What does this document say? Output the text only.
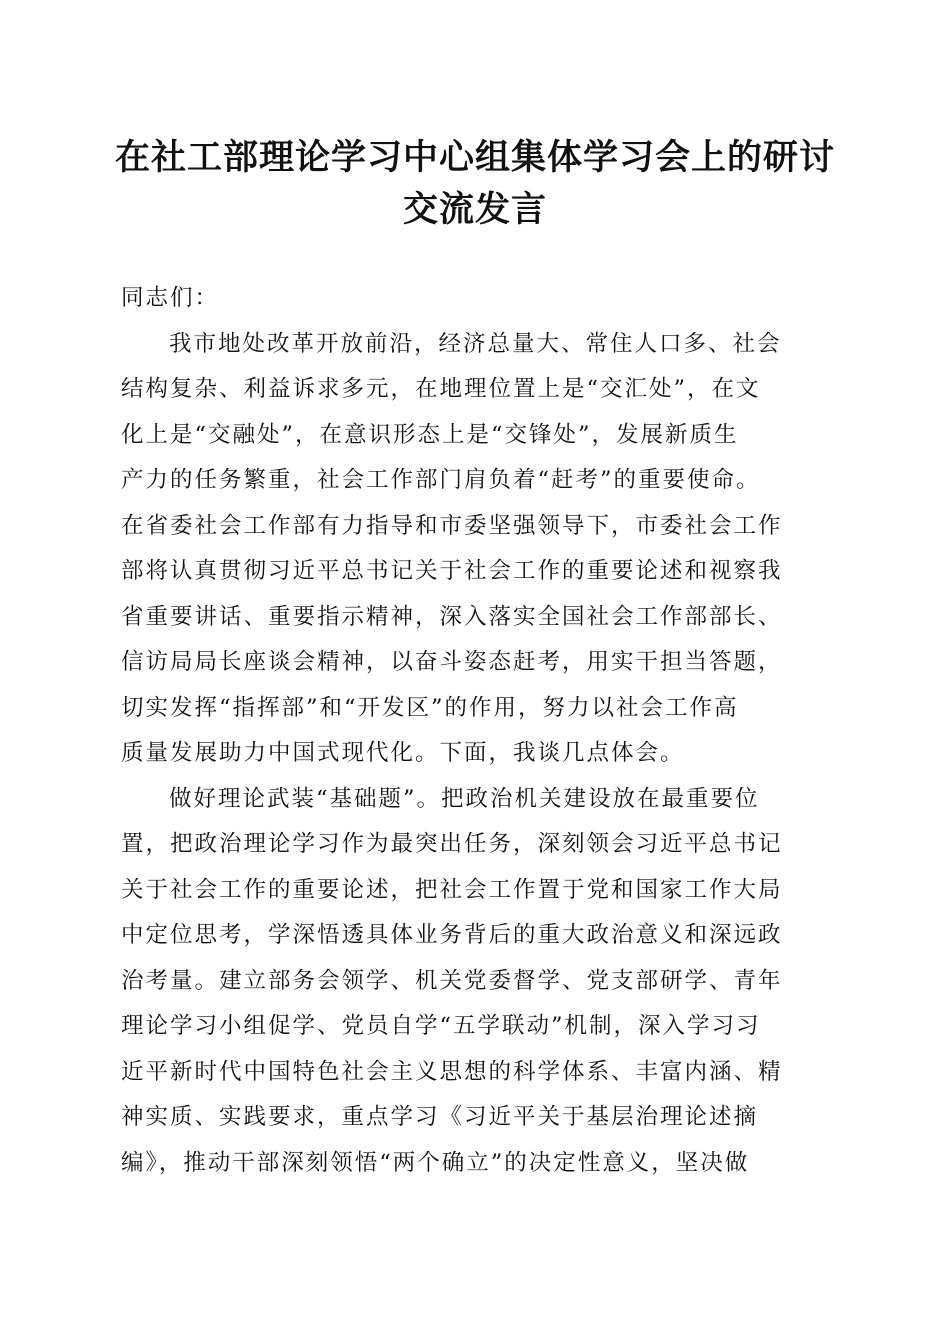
在社工部理论学习中心组集体学习会上的研讨
交流发言

同志们：

我市地处改革开放前沿，经济总量大、常住人口多、社会
结构复杂、利益诉求多元，在地理位置上是“交汇处”，在文
化上是“交融处”，在意识形态上是“交锋处”，发展新质生
产力的任务繁重，社会工作部门肩负着“赶考”的重要使命。
在省委社会工作部有力指导和市委坚强领导下，市委社会工作
部将认真贯彻习近平总书记关于社会工作的重要论述和视察我
省重要讲话、重要指示精神，深入落实全国社会工作部部长、
信访局局长座谈会精神，以奋斗姿态赶考，用实干担当答题，
切实发挥“指挥部”和“开发区”的作用，努力以社会工作高
质量发展助力中国式现代化。下面，我谈几点体会。

做好理论武装“基础题”。把政治机关建设放在最重要位
置，把政治理论学习作为最突出任务，深刻领会习近平总书记
关于社会工作的重要论述，把社会工作置于党和国家工作大局
中定位思考，学深悟透具体业务背后的重大政治意义和深远政
治考量。建立部务会领学、机关党委督学、党支部研学、青年
理论学习小组促学、党员自学“五学联动”机制，深入学习习
近平新时代中国特色社会主义思想的科学体系、丰富内涵、精
神实质、实践要求，重点学习《习近平关于基层治理论述摘
编》，推动干部深刻领悟“两个确立”的决定性意义，坚决做
